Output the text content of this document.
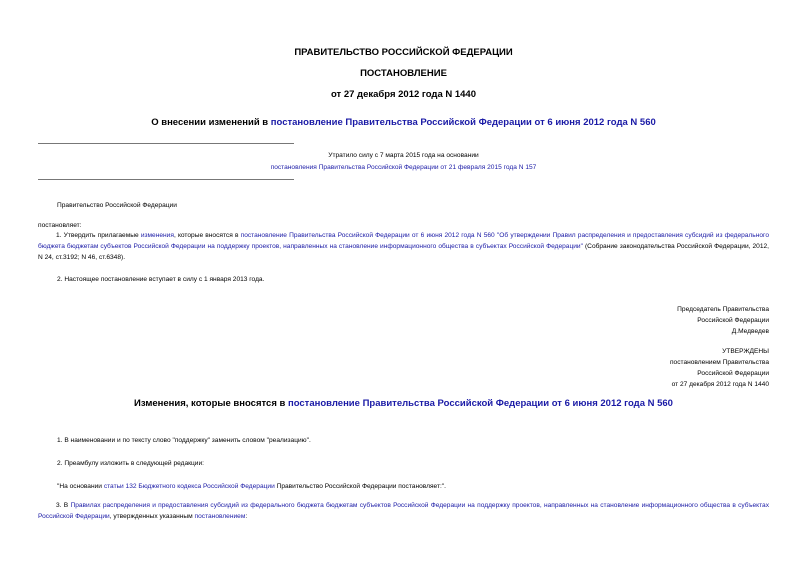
ПРАВИТЕЛЬСТВО РОССИЙСКОЙ ФЕДЕРАЦИИ
ПОСТАНОВЛЕНИЕ
от 27 декабря 2012 года N 1440
О внесении изменений в постановление Правительства Российской Федерации от 6 июня 2012 года N 560
Утратило силу с 7 марта 2015 года на основании
постановления Правительства Российской Федерации от 21 февраля 2015 года N 157
Правительство Российской Федерации
постановляет:
1. Утвердить прилагаемые изменения, которые вносятся в постановление Правительства Российской Федерации от 6 июня 2012 года N 560 "Об утверждении Правил распределения и предоставления субсидий из федерального бюджета бюджетам субъектов Российской Федерации на поддержку проектов, направленных на становление информационного общества в субъектах Российской Федерации" (Собрание законодательства Российской Федерации, 2012, N 24, ст.3192; N 46, ст.6348).
2. Настоящее постановление вступает в силу с 1 января 2013 года.
Председатель Правительства
Российской Федерации
Д.Медведев
УТВЕРЖДЕНЫ
постановлением Правительства
Российской Федерации
от 27 декабря 2012 года N 1440
Изменения, которые вносятся в постановление Правительства Российской Федерации от 6 июня 2012 года N 560
1. В наименовании и по тексту слово "поддержку" заменить словом "реализацию".
2. Преамбулу изложить в следующей редакции:
"На основании статьи 132 Бюджетного кодекса Российской Федерации Правительство Российской Федерации постановляет:".
3. В Правилах распределения и предоставления субсидий из федерального бюджета бюджетам субъектов Российской Федерации на поддержку проектов, направленных на становление информационного общества в субъектах Российской Федерации, утвержденных указанным постановлением:
